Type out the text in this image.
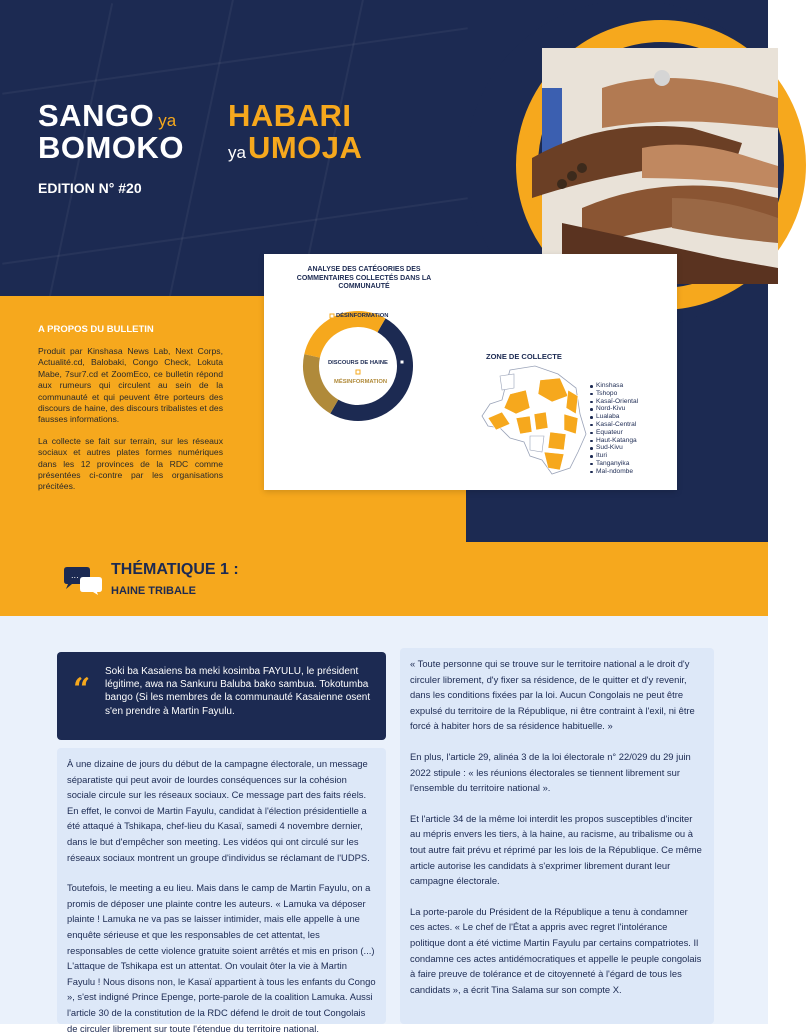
SANGO ya
BOMOKO
HABARI
yaUMOJA
EDITION N° #20
A PROPOS DU BULLETIN

Produit par Kinshasa News Lab, Next Corps, Actualité.cd, Balobaki, Congo Check, Lokuta Mabe, 7sur7.cd et ZoomEco, ce bulletin répond aux rumeurs qui circulent au sein de la communauté et qui peuvent être porteurs des discours de haine, des discours tribalistes et des fausses informations.

La collecte se fait sur terrain, sur les réseaux sociaux et autres plates formes numériques dans les 12 provinces de la RDC comme présentées ci-contre par les organisations précitées.

ANALYSE DES CATÉGORIES DES COMMENTAIRES COLLECTÉS DANS LA COMMUNAUTÉ
DÉSINFORMATION
DISCOURS DE HAINE
MÉSINFORMATION
ZONE DE COLLECTE
Kinshasa
Tshopo
Kasaï-Oriental
Nord-Kivu
Lualaba
Kasaï-Central
Equateur
Haut-Katanga
Sud-Kivu
Ituri
Tanganyika
Maï-ndombe
... THÉMATIQUE 1 :
HAINE TRIBALE
“
Soki ba Kasaiens ba meki kosimba FAYULU, le président légitime, awa na Sankuru Baluba bako sambua. Tokotumba bango (Si les membres de la communauté Kasaienne osent s'en prendre à Martin Fayulu.

À une dizaine de jours du début de la campagne électorale, un message séparatiste qui peut avoir de lourdes conséquences sur la cohésion sociale circule sur les réseaux sociaux. Ce message part des faits réels. En effet, le convoi de Martin Fayulu, candidat à l'élection présidentielle a été attaqué à Tshikapa, chef-lieu du Kasaï, samedi 4 novembre dernier, dans le but d'empêcher son meeting. Les vidéos qui ont circulé sur les réseaux sociaux montrent un groupe d'individus se réclamant de l'UDPS.

Toutefois, le meeting a eu lieu. Mais dans le camp de Martin Fayulu, on a promis de déposer une plainte contre les auteurs. « Lamuka va déposer plainte ! Lamuka ne va pas se laisser intimider, mais elle appelle à une enquête sérieuse et que les responsables de cet attentat, les responsables de cette violence gratuite soient arrêtés et mis en prison (...)

L'attaque de Tshikapa est un attentat. On voulait ôter la vie à Martin Fayulu ! Nous disons non, le Kasaï appartient à tous les enfants du Congo », s'est indigné Prince Epenge, porte-parole de la coalition Lamuka. Aussi l'article 30 de la constitution de la RDC défend le droit de tout Congolais de circuler librement sur toute l'étendue du territoire national.

« Toute personne qui se trouve sur le territoire national a le droit d'y circuler librement, d'y fixer sa résidence, de le quitter et d'y revenir, dans les conditions fixées par la loi. Aucun Congolais ne peut être expulsé du territoire de la République, ni être contraint à l'exil, ni être forcé à habiter hors de sa résidence habituelle. »

En plus, l'article 29, alinéa 3 de la loi électorale n° 22/029 du 29 juin 2022 stipule : « les réunions électorales se tiennent librement sur l'ensemble du territoire national ».

Et l'article 34 de la même loi interdit les propos susceptibles d'inciter au mépris envers les tiers, à la haine, au racisme, au tribalisme ou à tout autre fait prévu et réprimé par les lois de la République. Ce même article autorise les candidats à s'exprimer librement durant leur campagne électorale.

La porte-parole du Président de la République a tenu à condamner ces actes. « Le chef de l'État a appris avec regret l'intolérance politique dont a été victime Martin Fayulu par certains compatriotes. Il condamne ces actes antidémocratiques et appelle le peuple congolais à faire preuve de tolérance et de citoyenneté à l'égard de tous les candidats », a écrit Tina Salama sur son compte X.
